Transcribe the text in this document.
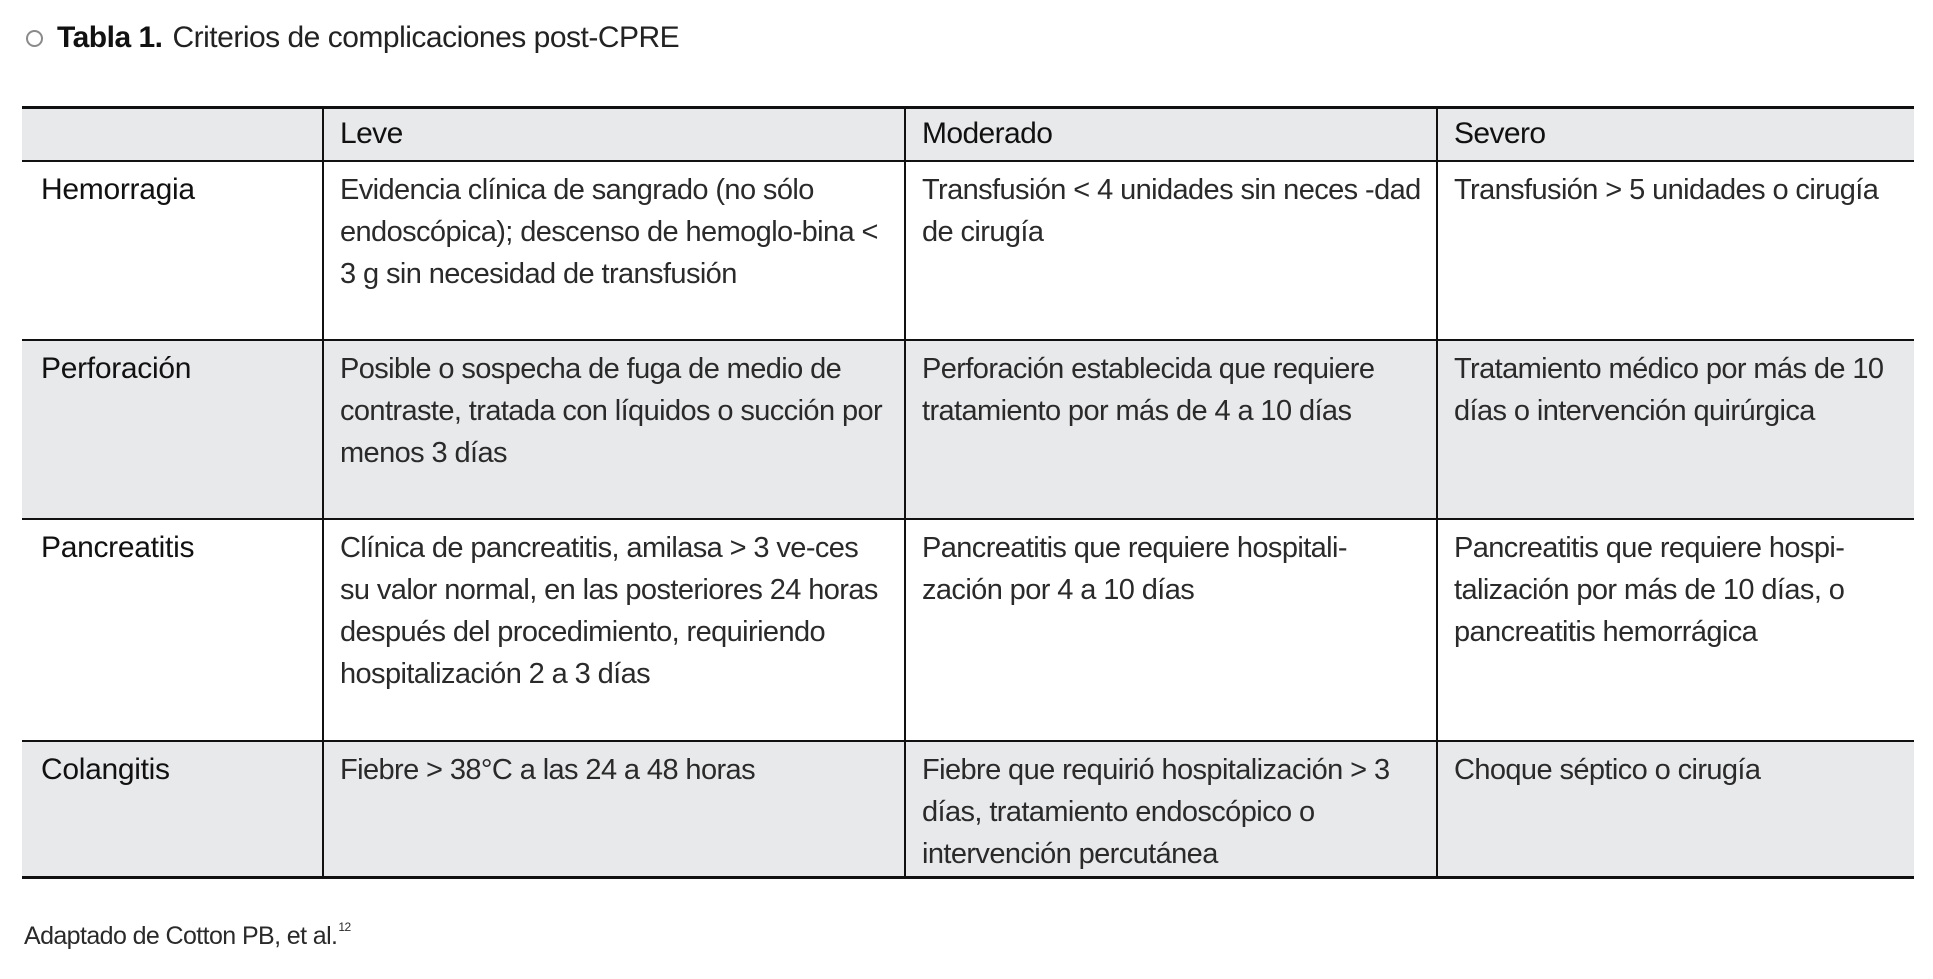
Tabla 1. Criterios de complicaciones post-CPRE
	Leve	Moderado	Severo
Hemorragia	Evidencia clínica de sangrado (no sólo endoscópica); descenso de hemoglo-bina < 3 g sin necesidad de transfusión	Transfusión < 4 unidades sin neces -dad de cirugía	Transfusión > 5 unidades o cirugía
Perforación	Posible o sospecha de fuga de medio de contraste, tratada con líquidos o succión por menos 3 días	Perforación establecida que requiere tratamiento por más de 4 a 10 días	Tratamiento médico por más de 10 días o intervención quirúrgica
Pancreatitis	Clínica de pancreatitis, amilasa > 3 ve-ces su valor normal, en las posteriores 24 horas después del procedimiento, requiriendo hospitalización 2 a 3 días	Pancreatitis que requiere hospitali-zación por 4 a 10 días	Pancreatitis que requiere hospi-talización por más de 10 días, o pancreatitis hemorrágica
Colangitis	Fiebre > 38°C a las 24 a 48 horas	Fiebre que requirió hospitalización > 3 días, tratamiento endoscópico o intervención percutánea	Choque séptico o cirugía
Adaptado de Cotton PB, et al.$^{12}$
